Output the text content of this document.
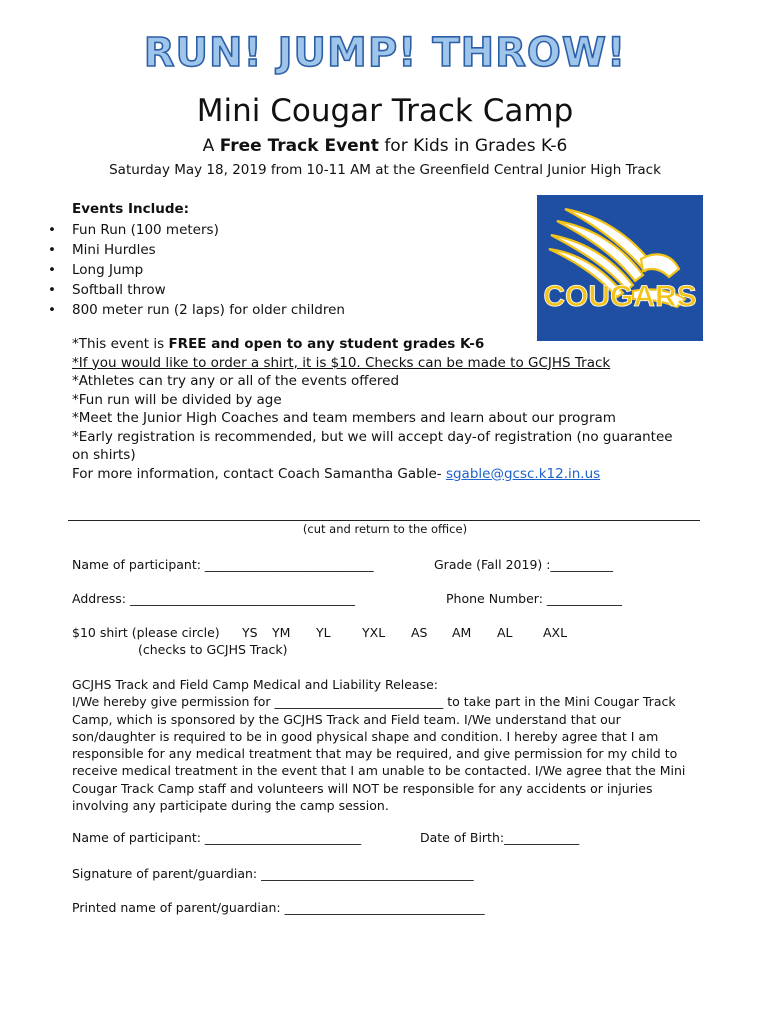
RUN! JUMP! THROW!
Mini Cougar Track Camp
A Free Track Event for Kids in Grades K-6
Saturday May 18, 2019 from 10-11 AM at the Greenfield Central Junior High Track
Events Include:
• Fun Run (100 meters)
• Mini Hurdles
• Long Jump
• Softball throw
• 800 meter run (2 laps) for older children	COUGARS
*This event is FREE and open to any student grades K-6
*If you would like to order a shirt, it is $10. Checks can be made to GCJHS Track
*Athletes can try any or all of the events offered
*Fun run will be divided by age
*Meet the Junior High Coaches and team members and learn about our program
*Early registration is recommended, but we will accept day-of registration (no guarantee on shirts)
For more information, contact Coach Samantha Gable- sgable@gcsc.k12.in.us
(cut and return to the office)
Name of participant: ___________________________	Grade (Fall 2019) :__________
Address: ____________________________________	Phone Number: ____________
$10 shirt (please circle) YS YM YL	YXL AS AM AL AXL
(checks to GCJHS Track)
GCJHS Track and Field Camp Medical and Liability Release:
I/We hereby give permission for ___________________________ to take part in the Mini Cougar Track Camp, which is sponsored by the GCJHS Track and Field team. I/We understand that our son/daughter is required to be in good physical shape and condition. I hereby agree that I am responsible for any medical treatment that may be required, and give permission for my child to receive medical treatment in the event that I am unable to be contacted. I/We agree that the Mini Cougar Track Camp staff and volunteers will NOT be responsible for any accidents or injuries involving any participate during the camp session.
Name of participant: _________________________	Date of Birth:____________
Signature of parent/guardian: __________________________________
Printed name of parent/guardian: ________________________________
